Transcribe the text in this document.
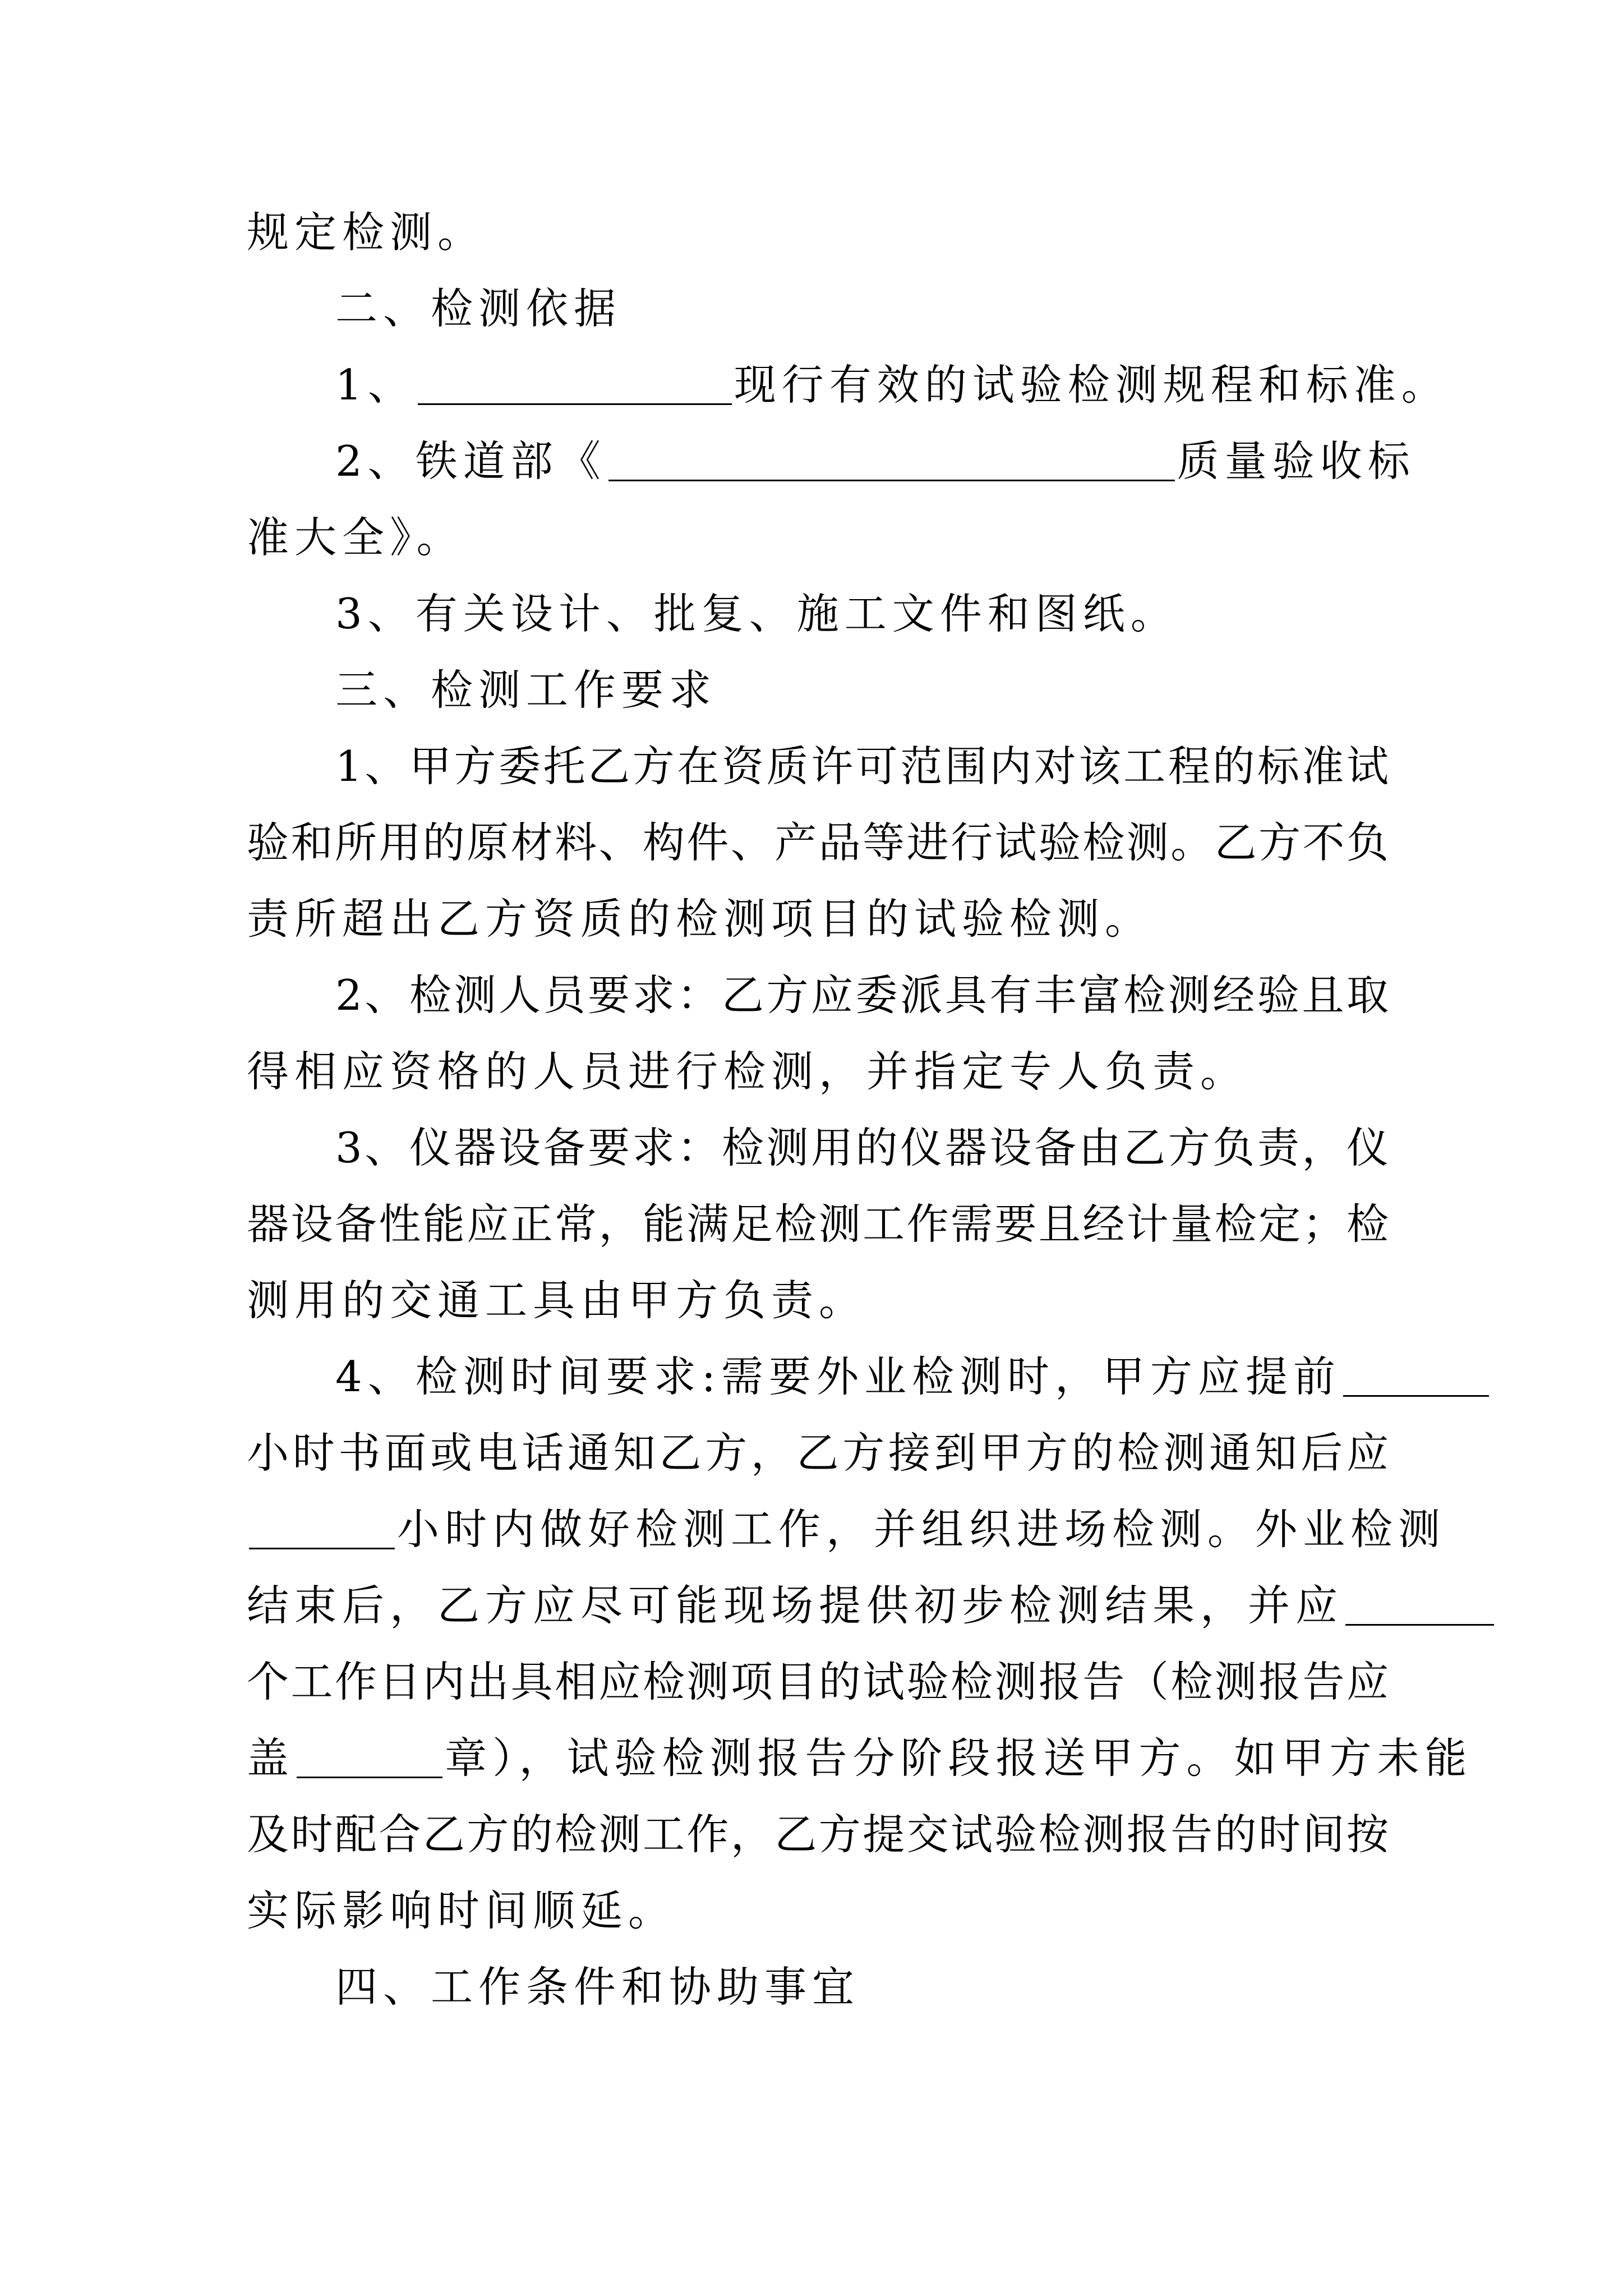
规定检测。
二、检测依据
1、	现行有效的试验检测规程和标准。
2、铁道部《	质量验收标
准大全》。
3、有关设计、批复、施工文件和图纸。
三、检测工作要求
1、甲方委托乙方在资质许可范围内对该工程的标准试
验和所用的原材料、构件、产品等进行试验检测。乙方不负
责所超出乙方资质的检测项目的试验检测。
2、检测人员要求：乙方应委派具有丰富检测经验且取
得相应资格的人员进行检测，并指定专人负责。
3、仪器设备要求：检测用的仪器设备由乙方负责，仪
器设备性能应正常，能满足检测工作需要且经计量检定；检
测用的交通工具由甲方负责。
4、检测时间要求:需要外业检测时，甲方应提前
小时书面或电话通知乙方，乙方接到甲方的检测通知后应
小时内做好检测工作，并组织进场检测。外业检测
结束后，乙方应尽可能现场提供初步检测结果，并应
个工作日内出具相应检测项目的试验检测报告（检测报告应
盖	章），试验检测报告分阶段报送甲方。如甲方未能
及时配合乙方的检测工作，乙方提交试验检测报告的时间按
实际影响时间顺延。
四、工作条件和协助事宜
